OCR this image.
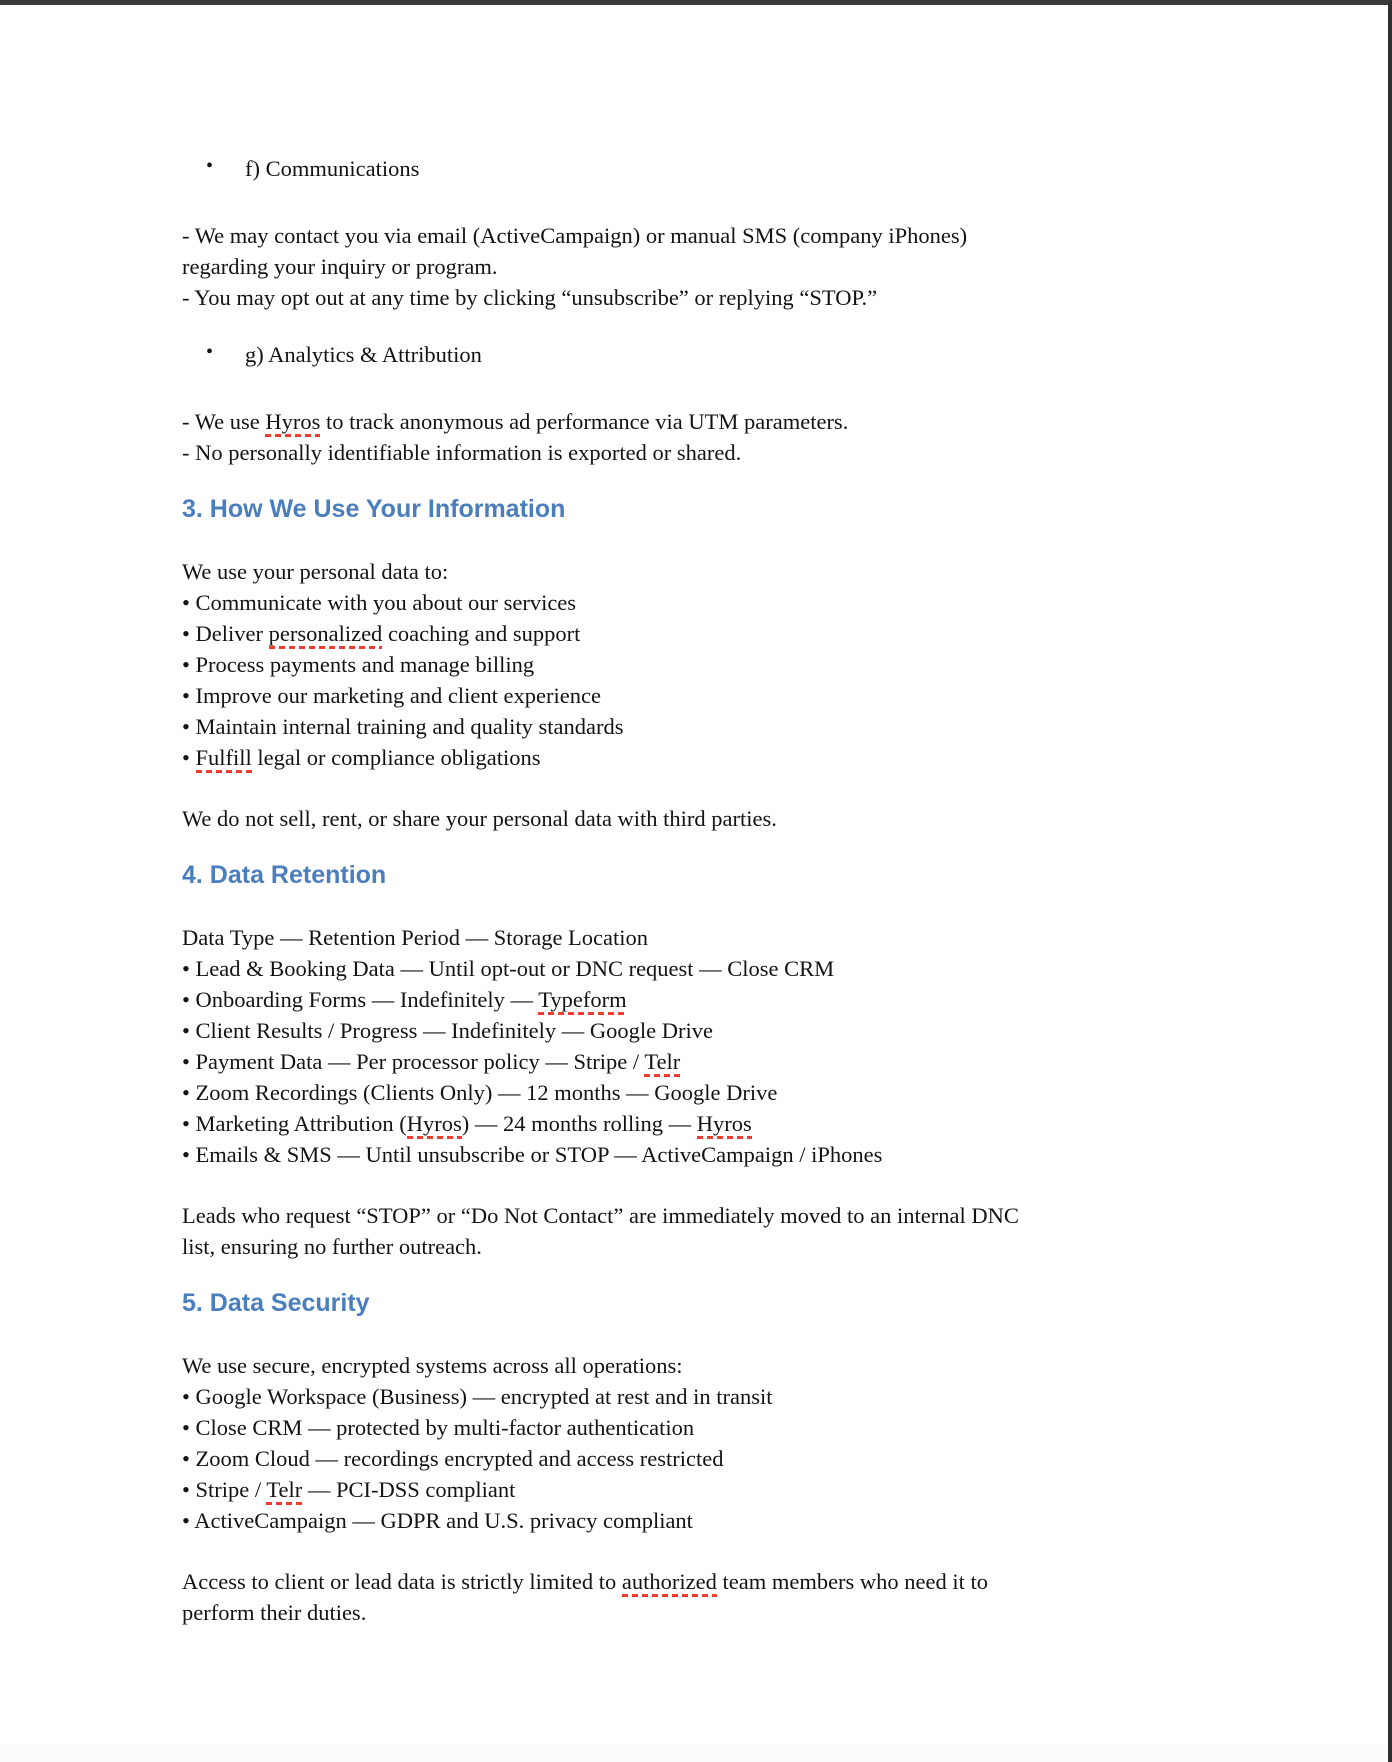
• f) Communications
- We may contact you via email (ActiveCampaign) or manual SMS (company iPhones)
regarding your inquiry or program.
- You may opt out at any time by clicking “unsubscribe” or replying “STOP.”
• g) Analytics & Attribution
- We use Hyros to track anonymous ad performance via UTM parameters.
- No personally identifiable information is exported or shared.
3. How We Use Your Information
We use your personal data to:
• Communicate with you about our services
• Deliver personalized coaching and support
• Process payments and manage billing
• Improve our marketing and client experience
• Maintain internal training and quality standards
• Fulfill legal or compliance obligations
We do not sell, rent, or share your personal data with third parties.
4. Data Retention
Data Type — Retention Period — Storage Location
• Lead & Booking Data — Until opt-out or DNC request — Close CRM
• Onboarding Forms — Indefinitely — Typeform
• Client Results / Progress — Indefinitely — Google Drive
• Payment Data — Per processor policy — Stripe / Telr
• Zoom Recordings (Clients Only) — 12 months — Google Drive
• Marketing Attribution (Hyros) — 24 months rolling — Hyros
• Emails & SMS — Until unsubscribe or STOP — ActiveCampaign / iPhones
Leads who request “STOP” or “Do Not Contact” are immediately moved to an internal DNC
list, ensuring no further outreach.
5. Data Security
We use secure, encrypted systems across all operations:
• Google Workspace (Business) — encrypted at rest and in transit
• Close CRM — protected by multi-factor authentication
• Zoom Cloud — recordings encrypted and access restricted
• Stripe / Telr — PCI-DSS compliant
• ActiveCampaign — GDPR and U.S. privacy compliant
Access to client or lead data is strictly limited to authorized team members who need it to
perform their duties.
